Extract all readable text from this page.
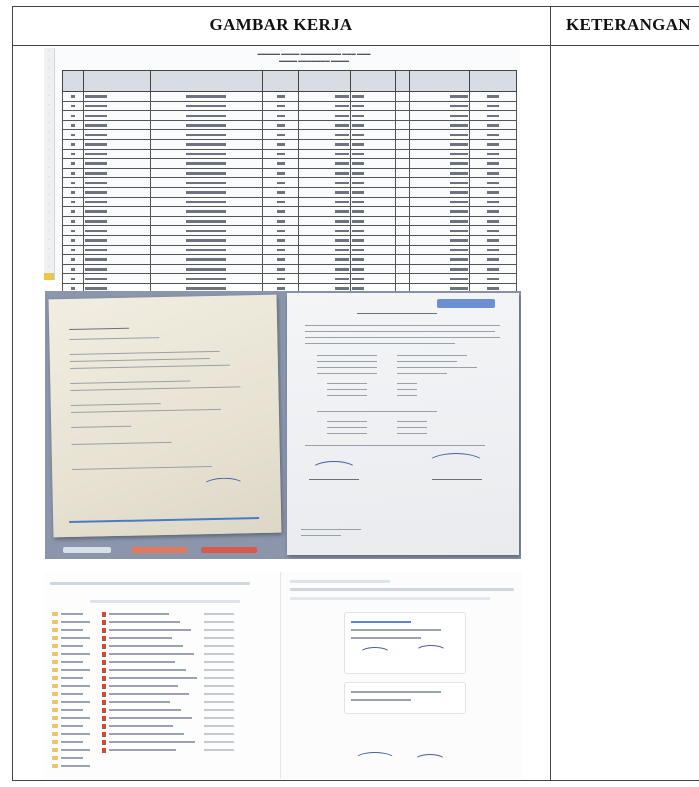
GAMBAR KERJA	KETERANGAN
·
·
·
·
·
·
·
·
·
·
·
·
·
·
·
·
·
·
·
·
·
·
·
·
·
▬▬▬▬▬ ▬▬▬▬ ▬▬▬▬▬▬▬▬▬ ▬▬▬ ▬▬▬
▬▬▬▬ ▬▬▬▬▬▬▬ ▬▬▬▬
